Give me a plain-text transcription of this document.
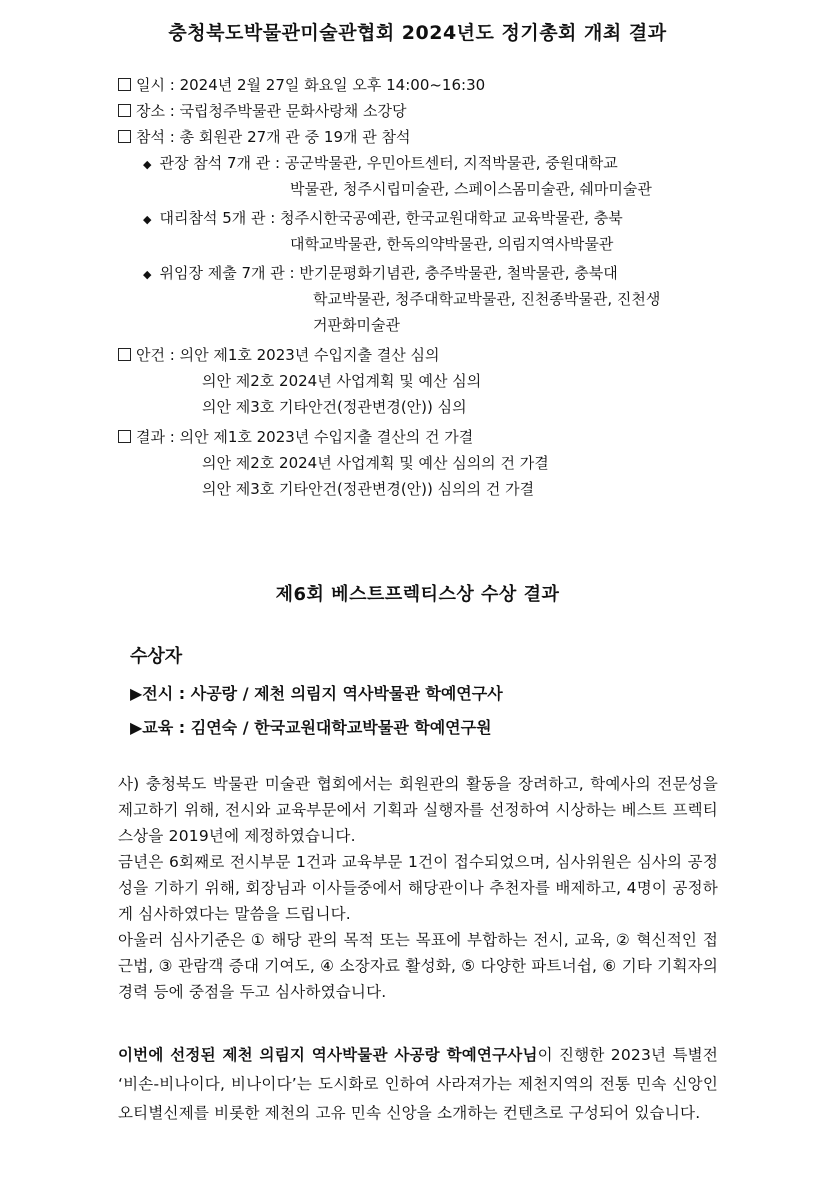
충청북도박물관미술관협회 2024년도 정기총회 개최 결과
일시 : 2024년 2월 27일 화요일 오후 14:00~16:30
장소 : 국립청주박물관 문화사랑채 소강당
참석 : 총 회원관 27개 관 중 19개 관 참석
◆ 관장 참석 7개 관 : 공군박물관, 우민아트센터, 지적박물관, 중원대학교
박물관, 청주시립미술관, 스페이스몸미술관, 쉐마미술관
◆ 대리참석 5개 관 : 청주시한국공예관, 한국교원대학교 교육박물관, 충북
대학교박물관, 한독의약박물관, 의림지역사박물관
◆ 위임장 제출 7개 관 : 반기문평화기념관, 충주박물관, 철박물관, 충북대
학교박물관, 청주대학교박물관, 진천종박물관, 진천생
거판화미술관
안건 : 의안 제1호 2023년 수입지출 결산 심의
의안 제2호 2024년 사업계획 및 예산 심의
의안 제3호 기타안건(정관변경(안)) 심의
결과 : 의안 제1호 2023년 수입지출 결산의 건 가결
의안 제2호 2024년 사업계획 및 예산 심의의 건 가결
의안 제3호 기타안건(정관변경(안)) 심의의 건 가결
제6회 베스트프렉티스상 수상 결과
수상자
▶전시 : 사공랑 / 제천 의림지 역사박물관 학예연구사
▶교육 : 김연숙 / 한국교원대학교박물관 학예연구원

사) 충청북도 박물관 미술관 협회에서는 회원관의 활동을 장려하고, 학예사의 전문성을 제고하기 위해, 전시와 교육부문에서 기획과 실행자를 선정하여 시상하는 베스트 프렉티스상을 2019년에 제정하였습니다.

금년은 6회째로 전시부문 1건과 교육부문 1건이 접수되었으며, 심사위원은 심사의 공정성을 기하기 위해, 회장님과 이사들중에서 해당관이나 추천자를 배제하고, 4명이 공정하게 심사하였다는 말씀을 드립니다.

아울러 심사기준은 ① 해당 관의 목적 또는 목표에 부합하는 전시, 교육, ② 혁신적인 접근법, ③ 관람객 증대 기여도, ④ 소장자료 활성화, ⑤ 다양한 파트너쉽, ⑥ 기타 기획자의 경력 등에 중점을 두고 심사하였습니다.

이번에 선정된 제천 의림지 역사박물관 사공랑 학예연구사님이 진행한 2023년 특별전 ‘비손-비나이다, 비나이다’는 도시화로 인하여 사라져가는 제천지역의 전통 민속 신앙인 오티별신제를 비롯한 제천의 고유 민속 신앙을 소개하는 컨텐츠로 구성되어 있습니다.
